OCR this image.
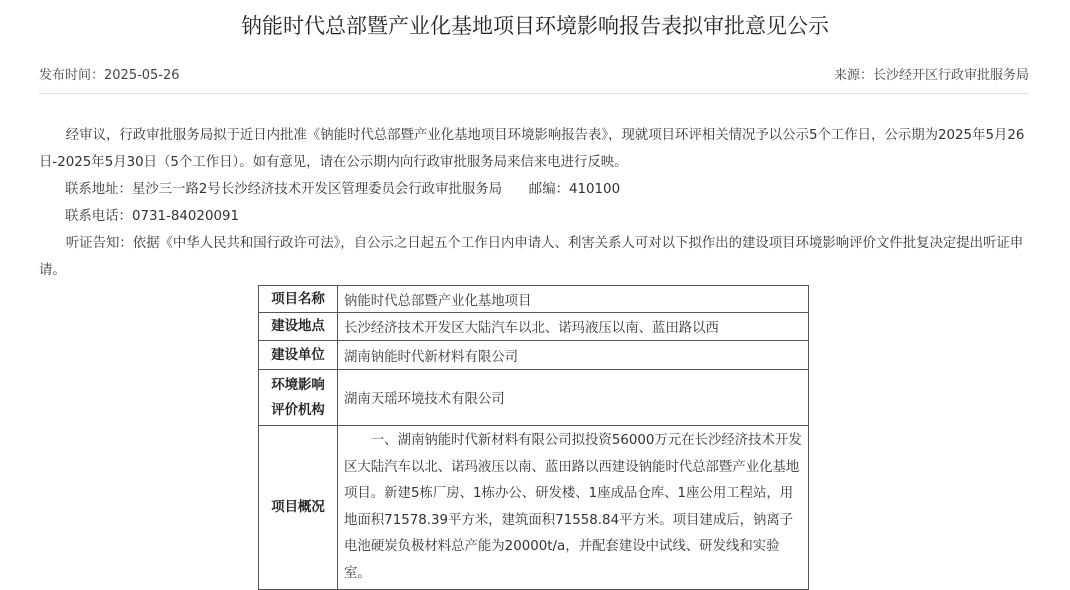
钠能时代总部暨产业化基地项目环境影响报告表拟审批意见公示
发布时间：2025-05-26	来源：长沙经开区行政审批服务局

经审议，行政审批服务局拟于近日内批准《钠能时代总部暨产业化基地项目环境影响报告表》，现就项目环评相关情况予以公示5个工作日，公示期为2025年5月26日-2025年5月30日（5个工作日）。如有意见，请在公示期内向行政审批服务局来信来电进行反映。

联系地址：星沙三一路2号长沙经济技术开发区管理委员会行政审批服务局　　邮编：410100

联系电话：0731-84020091

听证告知：依据《中华人民共和国行政许可法》，自公示之日起五个工作日内申请人、利害关系人可对以下拟作出的建设项目环境影响评价文件批复决定提出听证申请。

项目名称	钠能时代总部暨产业化基地项目
建设地点	长沙经济技术开发区大陆汽车以北、诺玛液压以南、蓝田路以西
建设单位	湖南钠能时代新材料有限公司
环境影响评价机构	湖南天瑶环境技术有限公司
项目概况	一、湖南钠能时代新材料有限公司拟投资56000万元在长沙经济技术开发区大陆汽车以北、诺玛液压以南、蓝田路以西建设钠能时代总部暨产业化基地项目。新建5栋厂房、1栋办公、研发楼、1座成品仓库、1座公用工程站，用地面积71578.39平方米，建筑面积71558.84平方米。项目建成后，钠离子电池硬炭负极材料总产能为20000t/a，并配套建设中试线、研发线和实验室。
